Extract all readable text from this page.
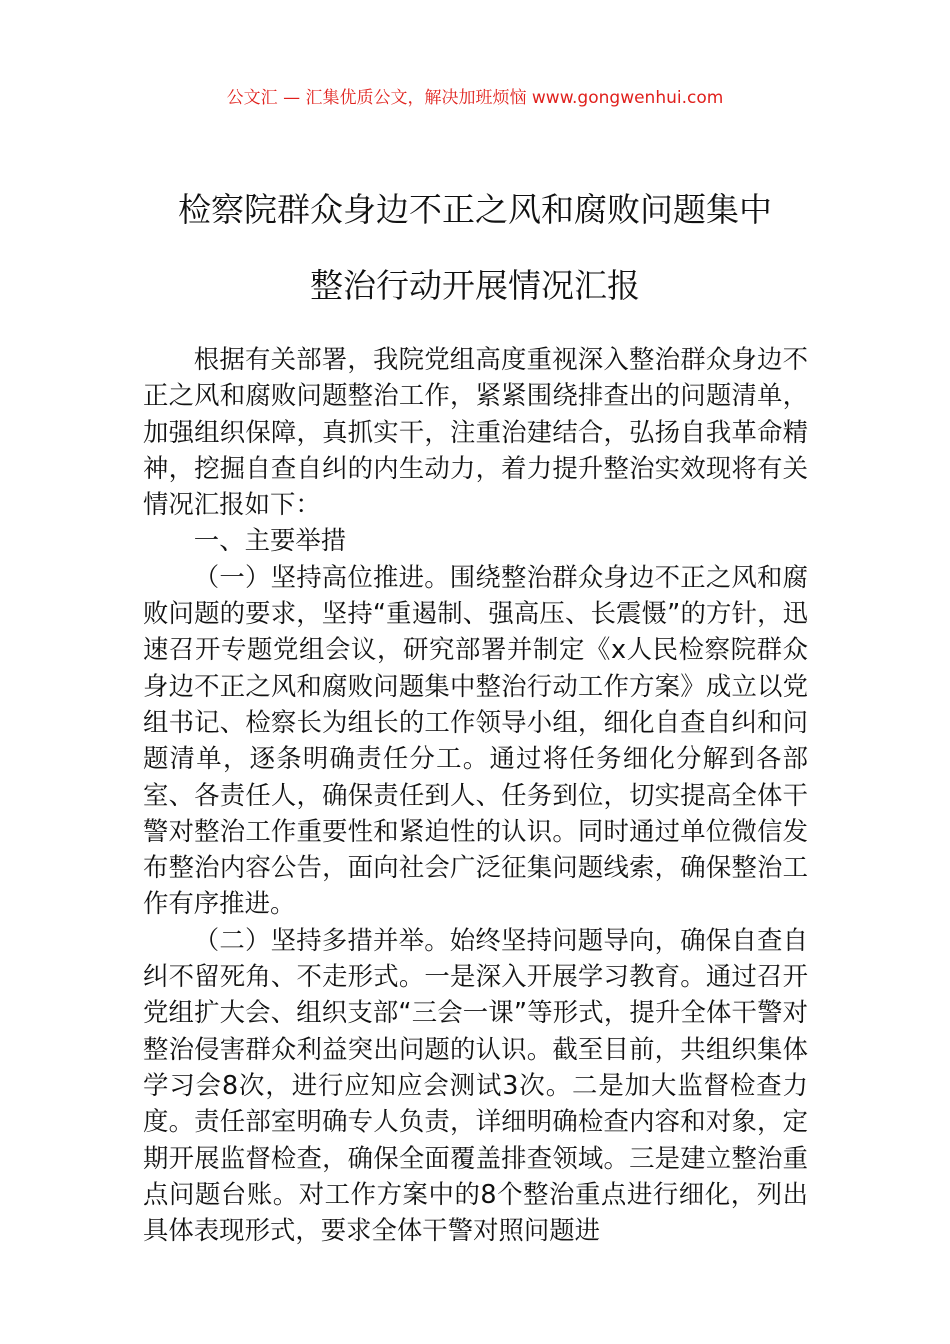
公文汇 — 汇集优质公文，解决加班烦恼 www.gongwenhui.com
检察院群众身边不正之风和腐败问题集中
整治行动开展情况汇报

根据有关部署，我院党组高度重视深入整治群众身边不正之风和腐败问题整治工作，紧紧围绕排查出的问题清单，加强组织保障，真抓实干，注重治建结合，弘扬自我革命精神，挖掘自查自纠的内生动力，着力提升整治实效现将有关情况汇报如下：

一、主要举措

（一）坚持高位推进。围绕整治群众身边不正之风和腐败问题的要求，坚持“重遏制、强高压、长震慑”的方针，迅速召开专题党组会议，研究部署并制定《x人民检察院群众身边不正之风和腐败问题集中整治行动工作方案》成立以党组书记、检察长为组长的工作领导小组，细化自查自纠和问题清单，逐条明确责任分工。通过将任务细化分解到各部室、各责任人，确保责任到人、任务到位，切实提高全体干警对整治工作重要性和紧迫性的认识。同时通过单位微信发布整治内容公告，面向社会广泛征集问题线索，确保整治工作有序推进。

（二）坚持多措并举。始终坚持问题导向，确保自查自纠不留死角、不走形式。一是深入开展学习教育。通过召开党组扩大会、组织支部“三会一课”等形式，提升全体干警对整治侵害群众利益突出问题的认识。截至目前，共组织集体学习会8次，进行应知应会测试3次。二是加大监督检查力度。责任部室明确专人负责，详细明确检查内容和对象，定期开展监督检查，确保全面覆盖排查领域。三是建立整治重点问题台账。对工作方案中的8个整治重点进行细化，列出具体表现形式，要求全体干警对照问题进
